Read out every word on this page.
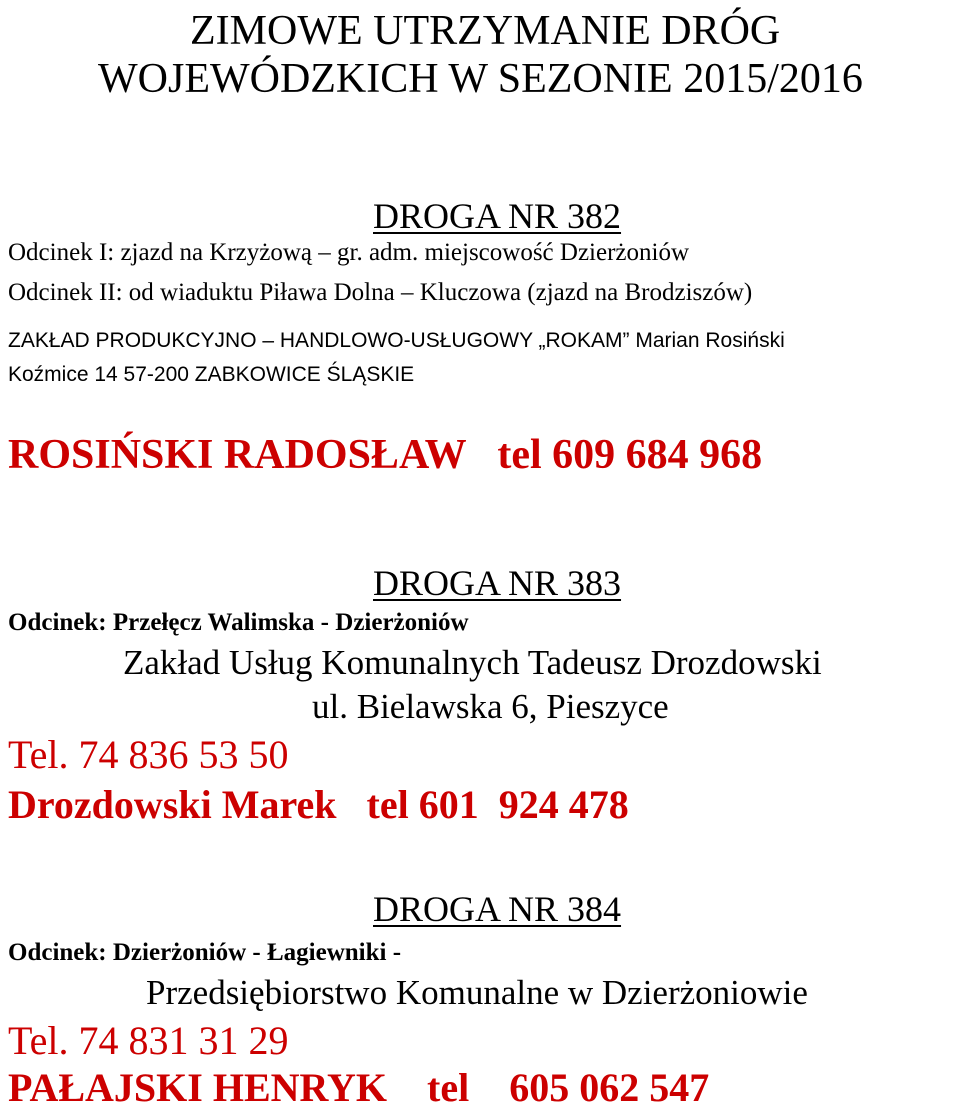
ZIMOWE UTRZYMANIE DRÓG
WOJEWÓDZKICH W SEZONIE 2015/2016
DROGA NR 382
Odcinek I: zjazd na Krzyżową – gr. adm. miejscowość Dzierżoniów
Odcinek II: od wiaduktu Piława Dolna – Kluczowa (zjazd na Brodziszów)
ZAKŁAD PRODUKCYJNO – HANDLOWO-USŁUGOWY „ROKAM” Marian Rosiński
Koźmice 14 57-200 ZABKOWICE ŚLĄSKIE
ROSIŃSKI RADOSŁAW   tel 609 684 968
DROGA NR 383
Odcinek: Przełęcz Walimska - Dzierżoniów
Zakład Usług Komunalnych Tadeusz Drozdowski
ul. Bielawska 6, Pieszyce
Tel. 74 836 53 50
Drozdowski Marek   tel 601  924 478
DROGA NR 384
Odcinek: Dzierżoniów - Łagiewniki -
Przedsiębiorstwo Komunalne w Dzierżoniowie
Tel. 74 831 31 29
PAŁAJSKI HENRYK    tel    605 062 547
